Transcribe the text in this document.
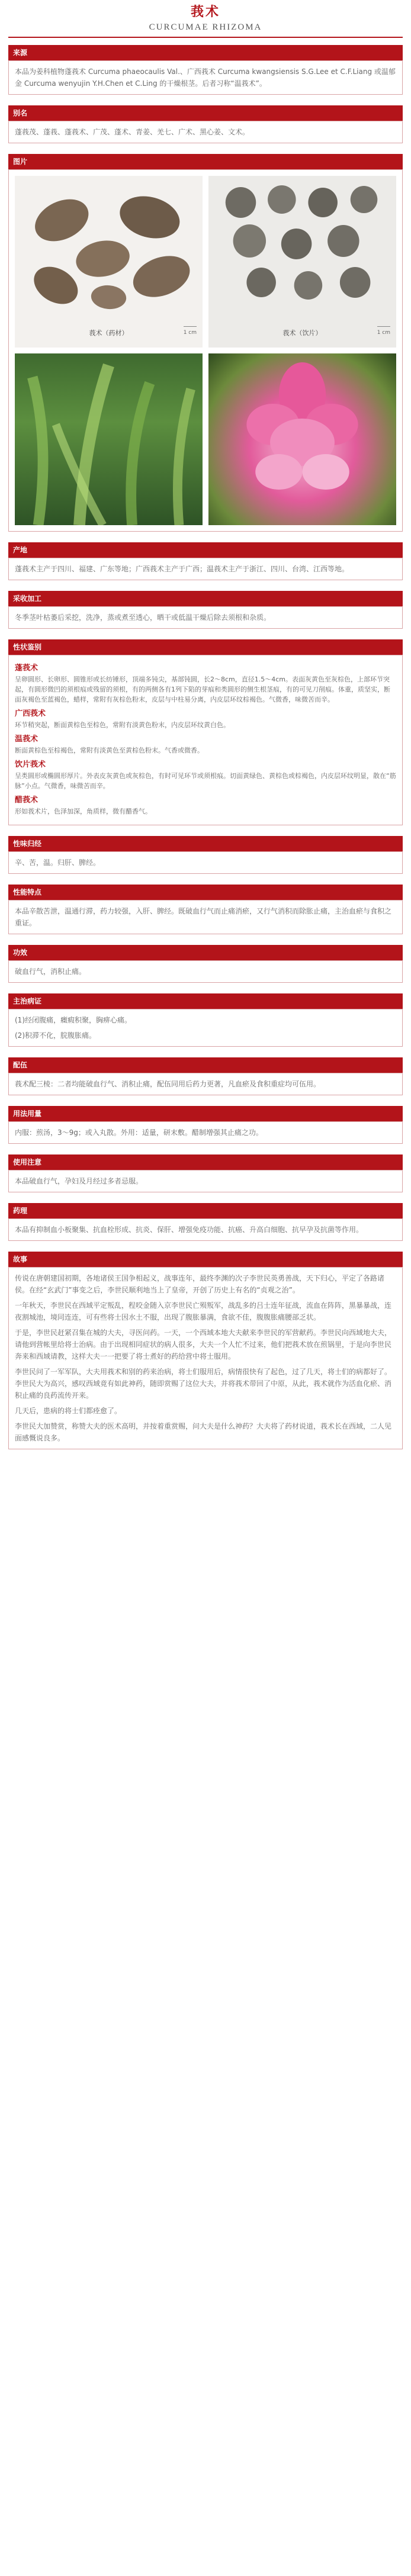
莪术
CURCUMAE RHIZOMA
来源

本品为姜科植物蓬莪术 Curcuma phaeocaulis Val.、广西莪术 Curcuma kwangsiensis S.G.Lee et C.F.Liang 或温郁金 Curcuma wenyujin Y.H.Chen et C.Ling 的干燥根茎。后者习称“温莪术”。

别名

蓬莪茂、蓬莪、蓬莪术、广茂、蓬术、青姜、羌七、广术、黑心姜、文术。

图片
莪术（药材）	1 cm	莪术（饮片）	1 cm
产地

蓬莪术主产于四川、福建、广东等地；广西莪术主产于广西；温莪术主产于浙江、四川、台湾、江西等地。

采收加工

冬季茎叶枯萎后采挖，洗净，蒸或煮至透心，晒干或低温干燥后除去须根和杂质。

性状鉴别
蓬莪术
呈卵圆形、长卵形、圆锥形或长纺锤形，顶端多钝尖，基部钝圆，长2～8cm，直径1.5～4cm。表面灰黄色至灰棕色，上部环节突起，有圆形微凹的须根痕或残留的须根，有的两侧各有1列下陷的芽痕和类圆形的侧生根茎痕，有的可见刀削痕。体重，质坚实，断面灰褐色至蓝褐色，蜡样，常附有灰棕色粉末，皮层与中柱易分离，内皮层环纹棕褐色。气微香，味微苦而辛。
广西莪术
环节稍突起，断面黄棕色至棕色，常附有淡黄色粉末，内皮层环纹黄白色。
温莪术
断面黄棕色至棕褐色，常附有淡黄色至黄棕色粉末。气香或微香。
饮片莪术
呈类圆形或椭圆形厚片。外表皮灰黄色或灰棕色，有时可见环节或须根痕。切面黄绿色、黄棕色或棕褐色，内皮层环纹明显，散在“筋脉”小点。气微香，味微苦而辛。
醋莪术
形如莪术片，色泽加深，角质样，微有醋香气。
性味归经

辛、苦，温。归肝、脾经。

性能特点

本品辛散苦泄，温通行滞，药力较强，入肝、脾经。既破血行气而止痛消瘀，又行气消积而除胀止痛，主治血瘀与食积之重证。

功效

破血行气，消积止痛。

主治病证

(1)经闭腹痛，癥瘕积聚，胸痹心痛。

(2)积滞不化，脘腹胀痛。

配伍

莪术配三棱：二者均能破血行气、消积止痛，配伍同用后药力更著，凡血瘀及食积重症均可伍用。

用法用量

内服：煎汤，3～9g；或入丸散。外用：适量，研末敷。醋制增强其止痛之功。

使用注意

本品破血行气，孕妇及月经过多者忌服。

药理

本品有抑制血小板聚集、抗血栓形成、抗炎、保肝、增强免疫功能、抗癌、升高白细胞、抗早孕及抗菌等作用。

故事

传说在唐朝建国初期，各地诸侯王国争相起义，战事连年，最终李渊的次子李世民英勇善战，天下归心，平定了各路诸侯。在经“玄武门”事变之后，李世民顺利地当上了皇帝，开创了历史上有名的“贞观之治”。

一年秋天，李世民在西域平定叛乱，程咬金随入京李世民亡殒叛军，战乱多的吕士连年征战，流血在阵阵，黑暴暴战，连夜割城池，境同连连，可有些将士因水土不服，出现了腹胀暴满，食欲不佳，腹腹胀痛腰部乏状。

于是，李世民赶紧召集在城的大夫，寻医问药。一天，一个西域本地大夫献来李世民的军营献药。李世民向西域地大夫，请他到营帐里给将士治病。由于出现相同症状的病人很多，大夫一个人忙不过来，他们把莪术放在煎锅里，于是向李世民奔来和西域请教，这样大夫一一把要了将士煮好的药给营中将士服用。

李世民问了一军军队，大夫用莪术和别的药来治病，将士们服用后，病情很快有了起色，过了几天，将士们的病都好了。李世民大为高兴，感叹西域竟有如此神药，随即赏赐了这位大夫，并将莪术带回了中原，从此，莪术就作为活血化瘀、消积止痛的良药流传开来。

几天后，患病的将士们都痊愈了。

李世民大加赞赏，称赞大夫的医术高明，并按着重赏赐，问大夫是什么神药？大夫将了药材说道，莪术长在西域，二人见面感慨说良多。
